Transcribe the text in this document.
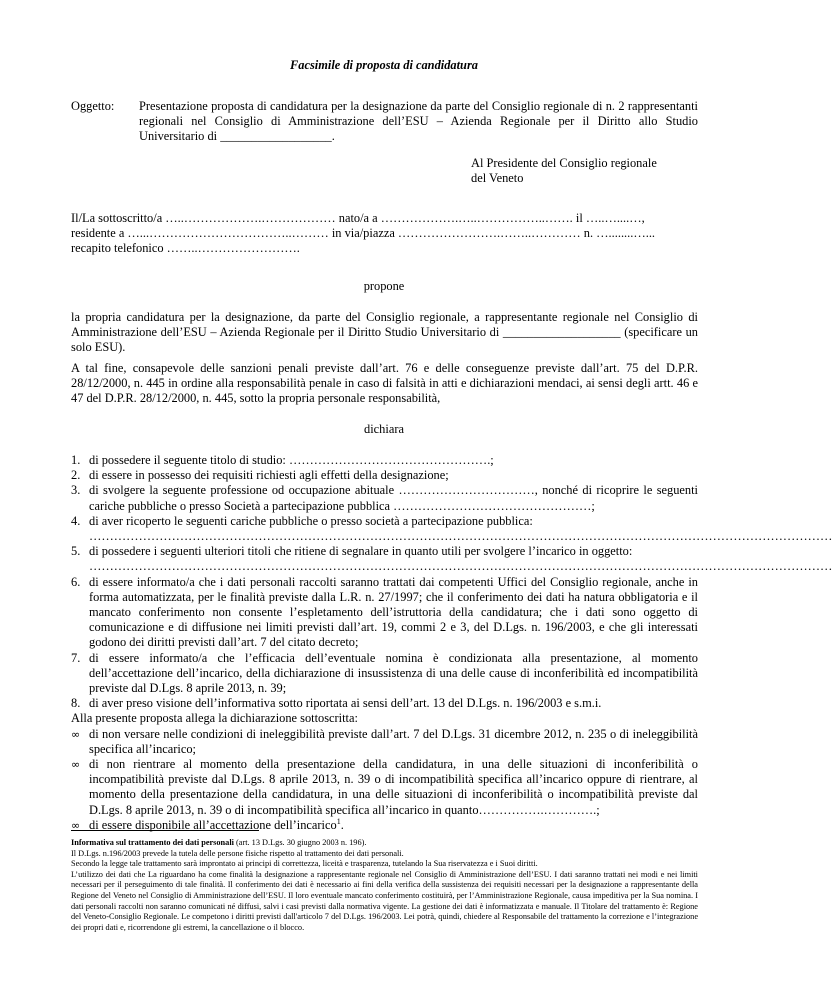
Facsimile di proposta di candidatura
Oggetto: Presentazione proposta di candidatura per la designazione da parte del Consiglio regionale di n. 2 rappresentanti regionali nel Consiglio di Amministrazione dell’ESU – Azienda Regionale per il Diritto allo Studio Universitario di __________________.
Al Presidente del Consiglio regionale
del Veneto
Il/La sottoscritto/a …..……………….……………… nato/a a ……………….…..……………..……. il …..…....…,
residente a …...……………………………..……… in via/piazza …………………….……..………… n. …........…...
recapito telefonico ……..…………………….
propone
la propria candidatura per la designazione, da parte del Consiglio regionale, a rappresentante regionale nel Consiglio di Amministrazione dell’ESU – Azienda Regionale per il Diritto Studio Universitario di ___________________ (specificare un solo ESU).
A tal fine, consapevole delle sanzioni penali previste dall’art. 76 e delle conseguenze previste dall’art. 75 del D.P.R. 28/12/2000, n. 445 in ordine alla responsabilità penale in caso di falsità in atti e dichiarazioni mendaci, ai sensi degli artt. 46 e 47 del D.P.R. 28/12/2000, n. 445, sotto la propria personale responsabilità,
dichiara
1. di possedere il seguente titolo di studio: ………………………………………….;
2. di essere in possesso dei requisiti richiesti agli effetti della designazione;
3. di svolgere la seguente professione od occupazione abituale ……………………………, nonché di ricoprire le seguenti cariche pubbliche o presso Società a partecipazione pubblica …………………………………………;
4. di aver ricoperto le seguenti cariche pubbliche o presso società a partecipazione pubblica:
………………………………………………………………………………………………………………………………………………………………
5. di possedere i seguenti ulteriori titoli che ritiene di segnalare in quanto utili per svolgere l’incarico in oggetto:
………………………………………………………………………………………………………………………………………………………………
6. di essere informato/a che i dati personali raccolti saranno trattati dai competenti Uffici del Consiglio regionale, anche in forma automatizzata, per le finalità previste dalla L.R. n. 27/1997; che il conferimento dei dati ha natura obbligatoria e il mancato conferimento non consente l’espletamento dell’istruttoria della candidatura; che i dati sono oggetto di comunicazione e di diffusione nei limiti previsti dall’art. 19, commi 2 e 3, del D.Lgs. n. 196/2003, e che gli interessati godono dei diritti previsti dall’art. 7 del citato decreto;
7. di essere informato/a che l’efficacia dell’eventuale nomina è condizionata alla presentazione, al momento dell’accettazione dell’incarico, della dichiarazione di insussistenza di una delle cause di inconferibilità ed incompatibilità previste dal D.Lgs. 8 aprile 2013, n. 39;
8. di aver preso visione dell’informativa sotto riportata ai sensi dell’art. 13 del D.Lgs. n. 196/2003 e s.m.i.
Alla presente proposta allega la dichiarazione sottoscritta:
∞ di non versare nelle condizioni di ineleggibilità previste dall’art. 7 del D.Lgs. 31 dicembre 2012, n. 235 o di ineleggibilità specifica all’incarico;
∞ di non rientrare al momento della presentazione della candidatura, in una delle situazioni di inconferibilità o incompatibilità previste dal D.Lgs. 8 aprile 2013, n. 39 o di incompatibilità specifica all’incarico oppure di rientrare, al momento della presentazione della candidatura, in una delle situazioni di inconferibilità o incompatibilità previste dal D.Lgs. 8 aprile 2013, n. 39 o di incompatibilità specifica all’incarico in quanto…………….………….;
∞ di essere disponibile all’accettazione dell’incarico$^1$.

Informativa sul trattamento dei dati personali (art. 13 D.Lgs. 30 giugno 2003 n. 196).

Il D.Lgs. n.196/2003 prevede la tutela delle persone fisiche rispetto al trattamento dei dati personali.

Secondo la legge tale trattamento sarà improntato ai principi di correttezza, liceità e trasparenza, tutelando la Sua riservatezza e i Suoi diritti.

L’utilizzo dei dati che La riguardano ha come finalità la designazione a rappresentante regionale nel Consiglio di Amministrazione dell’ESU. I dati saranno trattati nei modi e nei limiti necessari per il perseguimento di tale finalità. Il conferimento dei dati è necessario ai fini della verifica della sussistenza dei requisiti necessari per la designazione a rappresentante della Regione del Veneto nel Consiglio di Amministrazione dell’ESU. Il loro eventuale mancato conferimento costituirà, per l’Amministrazione Regionale, causa impeditiva per la Sua nomina. I dati personali raccolti non saranno comunicati né diffusi, salvi i casi previsti dalla normativa vigente. La gestione dei dati è informatizzata e manuale. Il Titolare del trattamento è: Regione del Veneto-Consiglio Regionale. Le competono i diritti previsti dall'articolo 7 del D.Lgs. 196/2003. Lei potrà, quindi, chiedere al Responsabile del trattamento la correzione e l’integrazione dei propri dati e, ricorrendone gli estremi, la cancellazione o il blocco.
